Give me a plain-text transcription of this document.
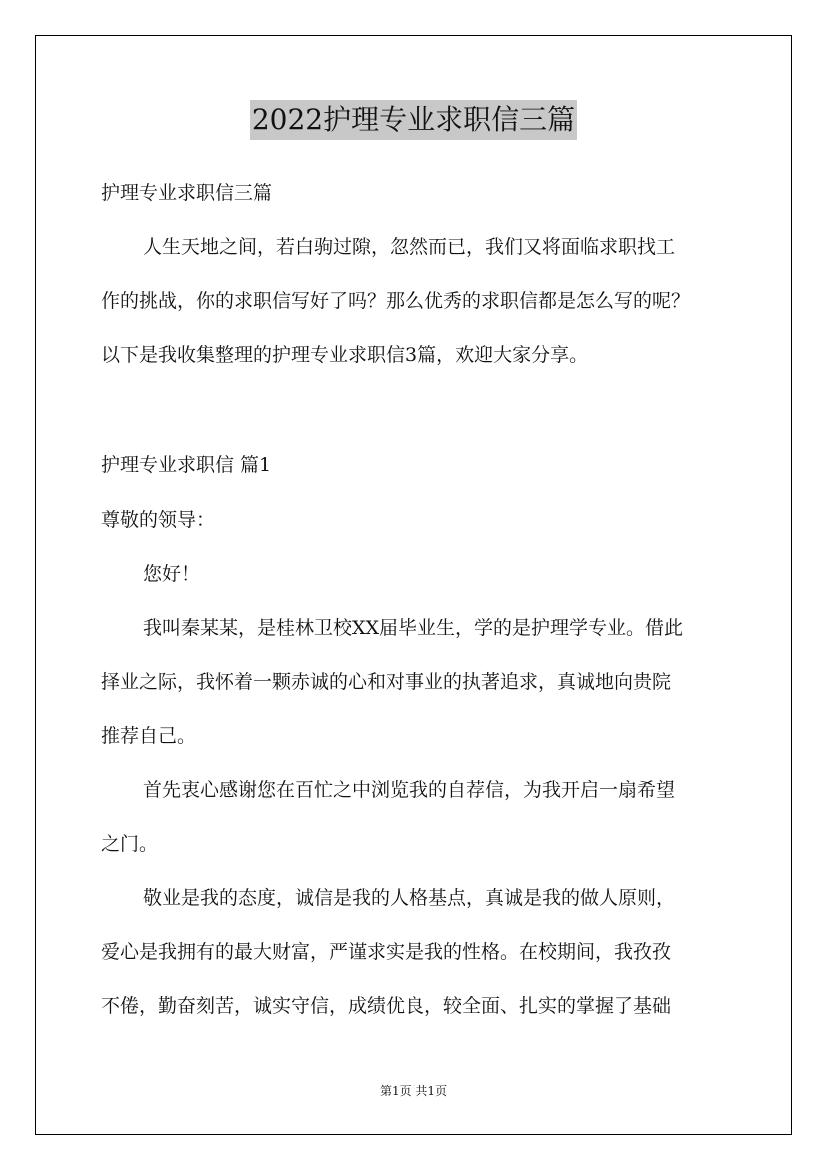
2022护理专业求职信三篇
护理专业求职信三篇
人生天地之间，若白驹过隙，忽然而已，我们又将面临求职找工
作的挑战，你的求职信写好了吗？那么优秀的求职信都是怎么写的呢？
以下是我收集整理的护理专业求职信3篇，欢迎大家分享。
护理专业求职信 篇1
尊敬的领导：
您好！
我叫秦某某，是桂林卫校XX届毕业生，学的是护理学专业。借此
择业之际，我怀着一颗赤诚的心和对事业的执著追求，真诚地向贵院
推荐自己。
首先衷心感谢您在百忙之中浏览我的自荐信，为我开启一扇希望
之门。
敬业是我的态度，诚信是我的人格基点，真诚是我的做人原则，
爱心是我拥有的最大财富，严谨求实是我的性格。在校期间，我孜孜
不倦，勤奋刻苦，诚实守信，成绩优良，较全面、扎实的掌握了基础
第1页 共1页
